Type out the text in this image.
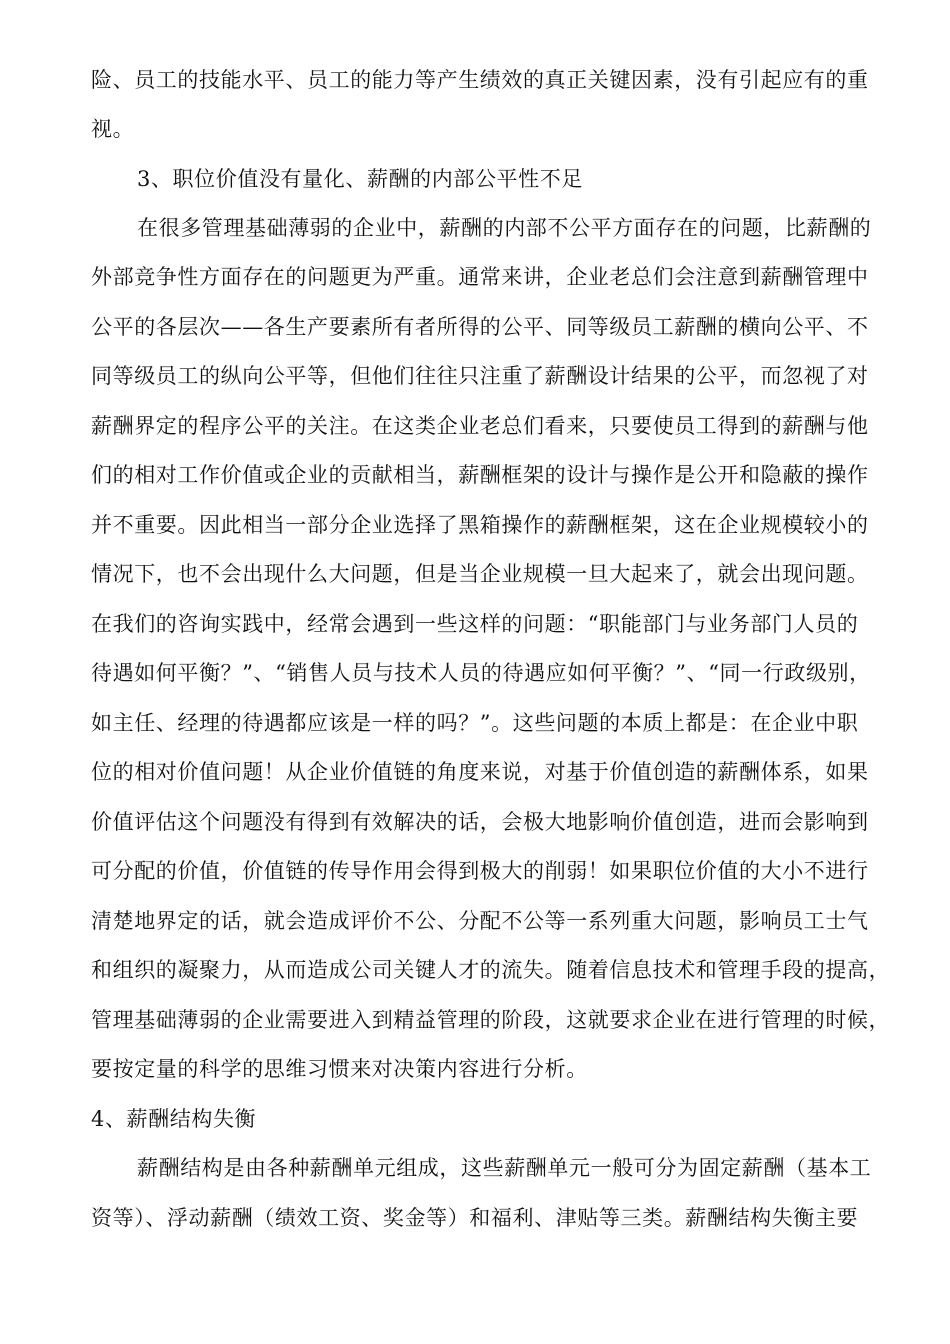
险、员工的技能水平、员工的能力等产生绩效的真正关键因素，没有引起应有的重
视。
3、职位价值没有量化、薪酬的内部公平性不足
在很多管理基础薄弱的企业中，薪酬的内部不公平方面存在的问题，比薪酬的
外部竞争性方面存在的问题更为严重。通常来讲，企业老总们会注意到薪酬管理中
公平的各层次——各生产要素所有者所得的公平、同等级员工薪酬的横向公平、不
同等级员工的纵向公平等，但他们往往只注重了薪酬设计结果的公平，而忽视了对
薪酬界定的程序公平的关注。在这类企业老总们看来，只要使员工得到的薪酬与他
们的相对工作价值或企业的贡献相当，薪酬框架的设计与操作是公开和隐蔽的操作
并不重要。因此相当一部分企业选择了黑箱操作的薪酬框架，这在企业规模较小的
情况下，也不会出现什么大问题，但是当企业规模一旦大起来了，就会出现问题。
在我们的咨询实践中，经常会遇到一些这样的问题：“职能部门与业务部门人员的
待遇如何平衡？”、“销售人员与技术人员的待遇应如何平衡？”、“同一行政级别，
如主任、经理的待遇都应该是一样的吗？”。这些问题的本质上都是：在企业中职
位的相对价值问题！从企业价值链的角度来说，对基于价值创造的薪酬体系，如果
价值评估这个问题没有得到有效解决的话，会极大地影响价值创造，进而会影响到
可分配的价值，价值链的传导作用会得到极大的削弱！如果职位价值的大小不进行
清楚地界定的话，就会造成评价不公、分配不公等一系列重大问题，影响员工士气
和组织的凝聚力，从而造成公司关键人才的流失。随着信息技术和管理手段的提高，
管理基础薄弱的企业需要进入到精益管理的阶段，这就要求企业在进行管理的时候，
要按定量的科学的思维习惯来对决策内容进行分析。
4、薪酬结构失衡
薪酬结构是由各种薪酬单元组成，这些薪酬单元一般可分为固定薪酬（基本工
资等）、浮动薪酬（绩效工资、奖金等）和福利、津贴等三类。薪酬结构失衡主要
